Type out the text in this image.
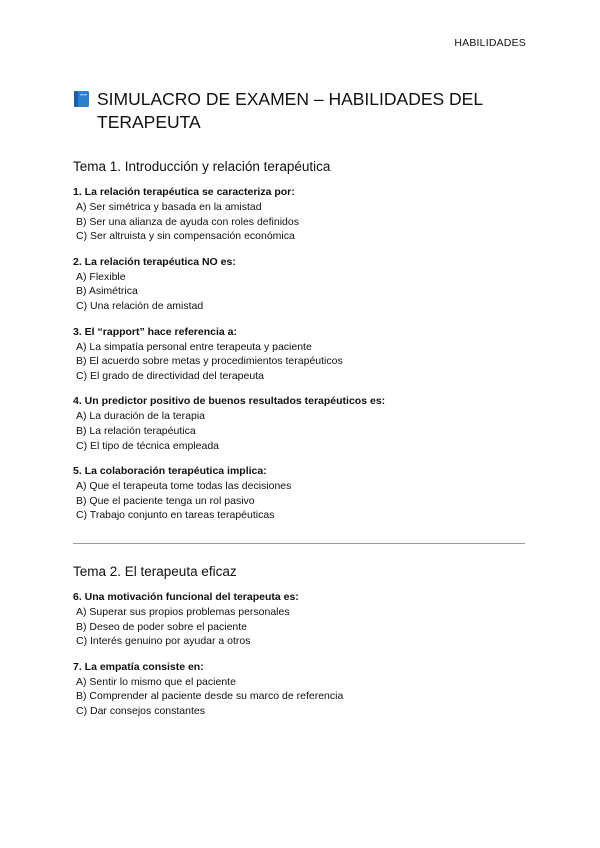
HABILIDADES
SIMULACRO DE EXAMEN – HABILIDADES DEL
TERAPEUTA
Tema 1. Introducción y relación terapéutica

1. La relación terapéutica se caracteriza por:

A) Ser simétrica y basada en la amistad

B) Ser una alianza de ayuda con roles definidos

C) Ser altruista y sin compensación económica

2. La relación terapéutica NO es:

A) Flexible

B) Asimétrica

C) Una relación de amistad

3. El “rapport” hace referencia a:

A) La simpatía personal entre terapeuta y paciente

B) El acuerdo sobre metas y procedimientos terapéuticos

C) El grado de directividad del terapeuta

4. Un predictor positivo de buenos resultados terapéuticos es:

A) La duración de la terapia

B) La relación terapéutica

C) El tipo de técnica empleada

5. La colaboración terapéutica implica:

A) Que el terapeuta tome todas las decisiones

B) Que el paciente tenga un rol pasivo

C) Trabajo conjunto en tareas terapéuticas

Tema 2. El terapeuta eficaz

6. Una motivación funcional del terapeuta es:

A) Superar sus propios problemas personales

B) Deseo de poder sobre el paciente

C) Interés genuino por ayudar a otros

7. La empatía consiste en:

A) Sentir lo mismo que el paciente

B) Comprender al paciente desde su marco de referencia

C) Dar consejos constantes
